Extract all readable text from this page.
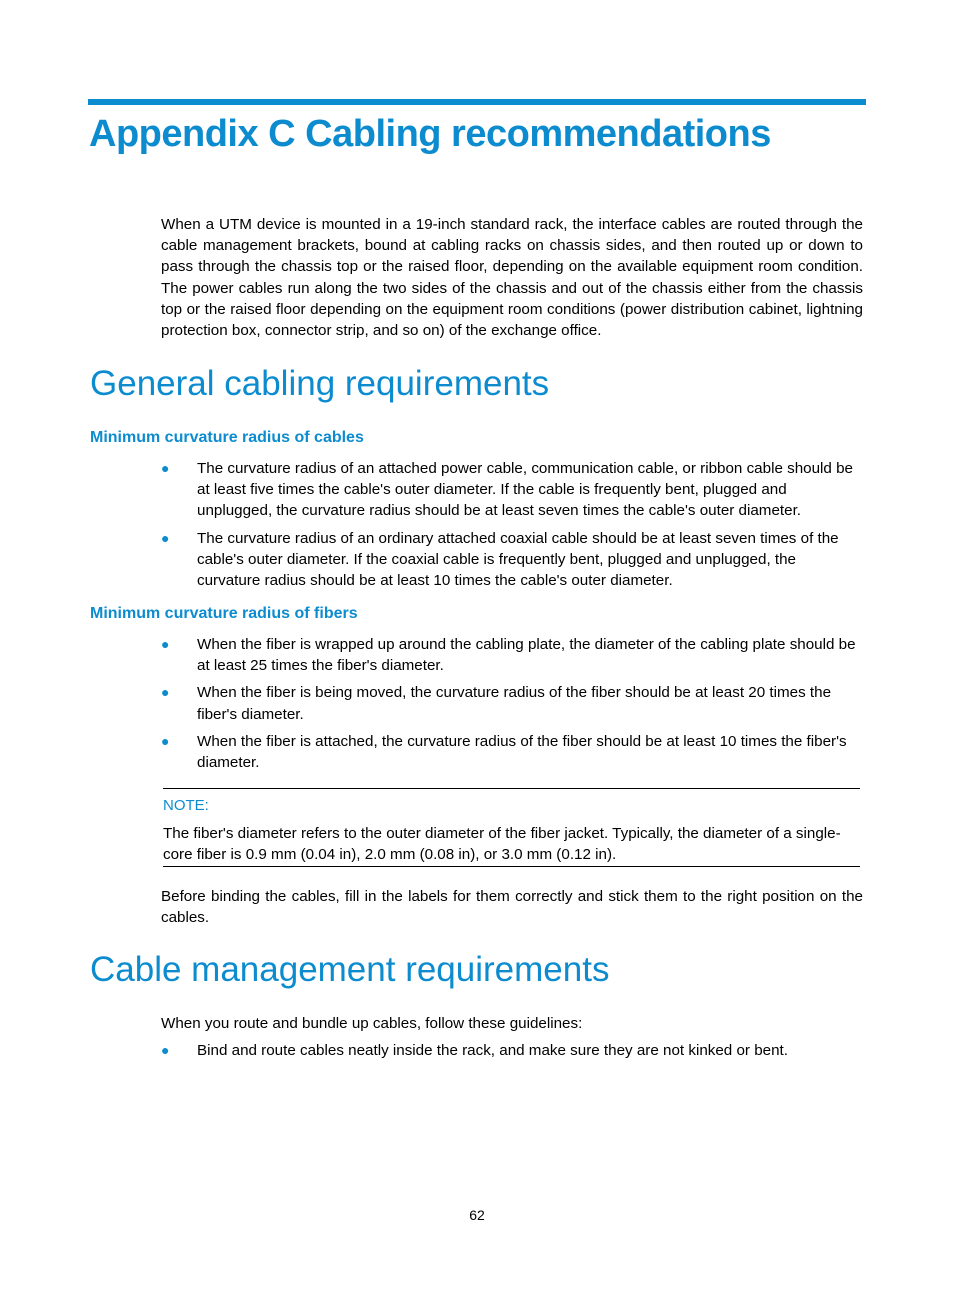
Appendix C Cabling recommendations

When a UTM device is mounted in a 19-inch standard rack, the interface cables are routed through the cable management brackets, bound at cabling racks on chassis sides, and then routed up or down to pass through the chassis top or the raised floor, depending on the available equipment room condition. The power cables run along the two sides of the chassis and out of the chassis either from the chassis top or the raised floor depending on the equipment room conditions (power distribution cabinet, lightning protection box, connector strip, and so on) of the exchange office.

General cabling requirements
Minimum curvature radius of cables
●	The curvature radius of an attached power cable, communication cable, or ribbon cable should be at least five times the cable's outer diameter. If the cable is frequently bent, plugged and unplugged, the curvature radius should be at least seven times the cable's outer diameter.
●	The curvature radius of an ordinary attached coaxial cable should be at least seven times of the cable's outer diameter. If the coaxial cable is frequently bent, plugged and unplugged, the curvature radius should be at least 10 times the cable's outer diameter.
Minimum curvature radius of fibers
●	When the fiber is wrapped up around the cabling plate, the diameter of the cabling plate should be at least 25 times the fiber's diameter.
●	When the fiber is being moved, the curvature radius of the fiber should be at least 20 times the fiber's diameter.
●	When the fiber is attached, the curvature radius of the fiber should be at least 10 times the fiber's diameter.

NOTE:

The fiber's diameter refers to the outer diameter of the fiber jacket. Typically, the diameter of a single-core fiber is 0.9 mm (0.04 in), 2.0 mm (0.08 in), or 3.0 mm (0.12 in).

Before binding the cables, fill in the labels for them correctly and stick them to the right position on the cables.

Cable management requirements

When you route and bundle up cables, follow these guidelines:

●	Bind and route cables neatly inside the rack, and make sure they are not kinked or bent.
62
